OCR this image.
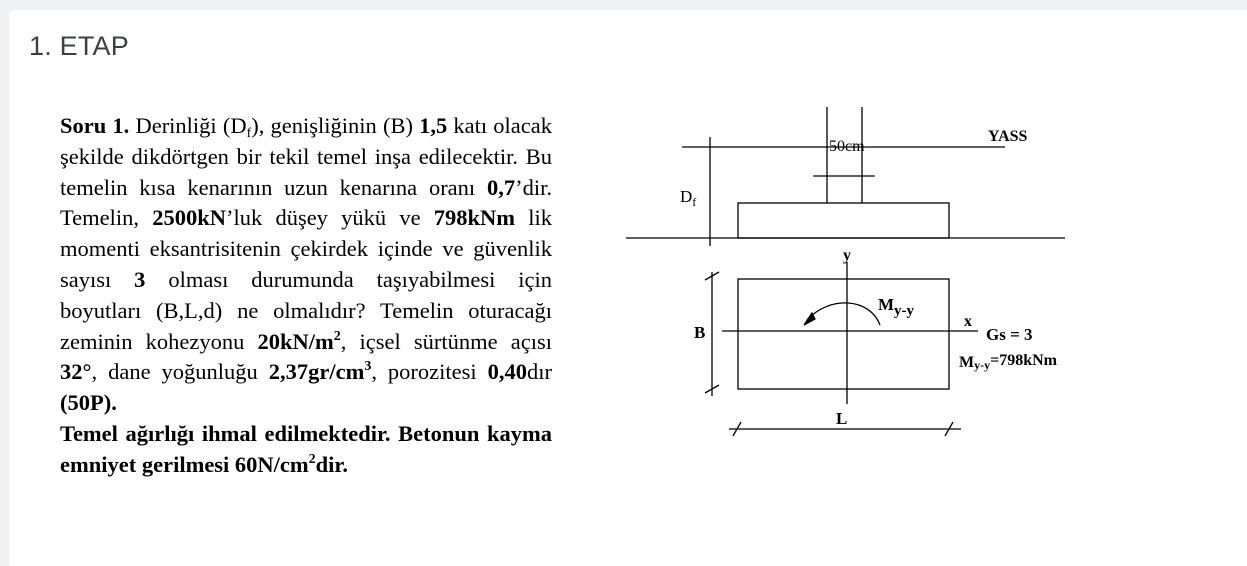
1. ETAP

Soru 1. Derinliği $(D_f)$, genişliğinin (B) 1,5 katı olacak şekilde dikdörtgen bir tekil temel inşa edilecektir. Bu temelin kısa kenarının uzun kenarına oranı 0,7’dir. Temelin, 2500kN’luk düşey yükü ve 798kNm lik momenti eksantrisitenin çekirdek içinde ve güvenlik sayısı 3 olması durumunda taşıyabilmesi için boyutları (B,L,d) ne olmalıdır? Temelin oturacağı zeminin kohezyonu $20kN/m^2$, içsel sürtünme açısı 32°, dane yoğunluğu $2,37gr/cm^3$, porozitesi 0,40dır (50P).

Temel ağırlığı ihmal edilmektedir. Betonun kayma emniyet gerilmesi $60N/cm^2dir$.

50cm
YASS
$D_f$
y
x
B
L
My-y
Gs = 3
My-y=798kNm
